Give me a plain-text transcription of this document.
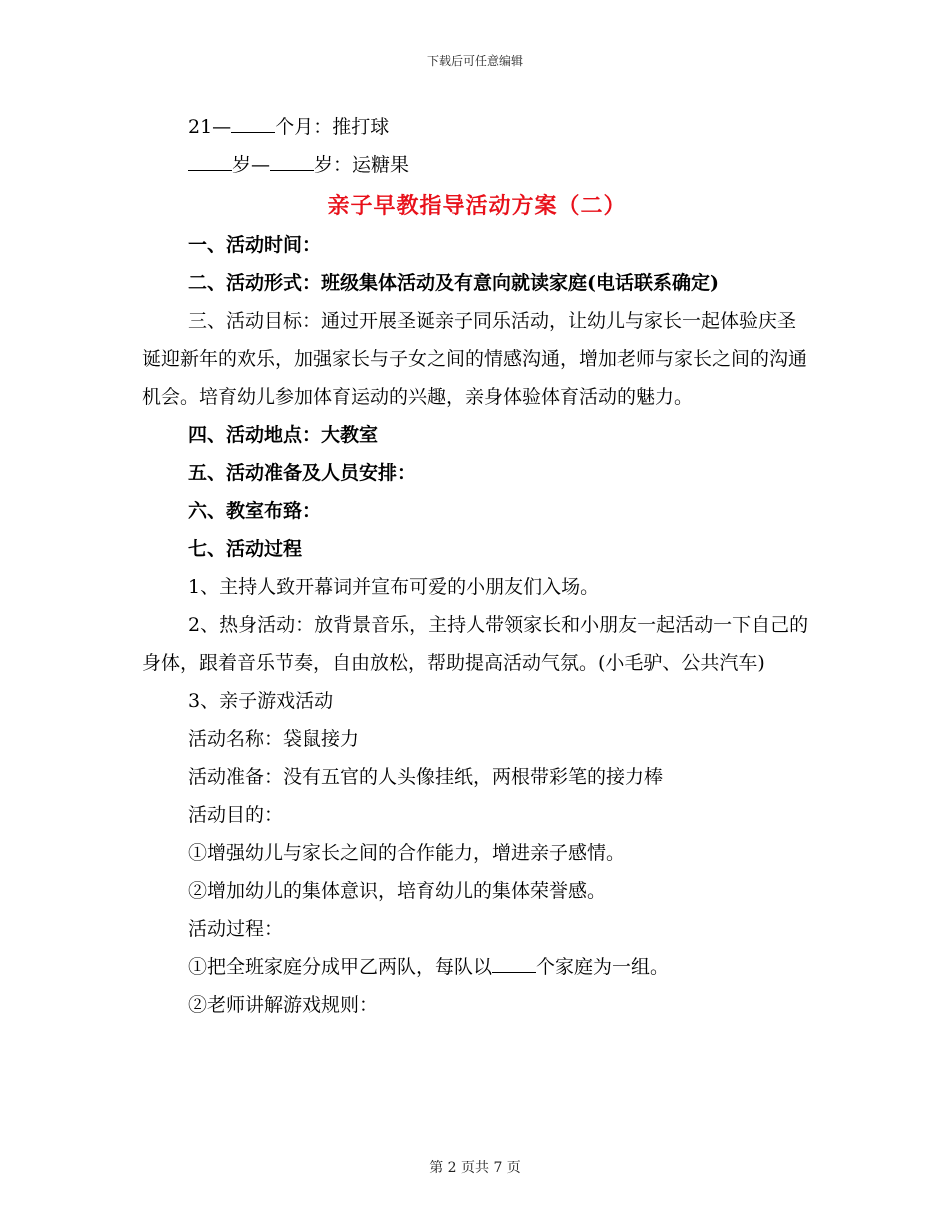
下载后可任意编辑

21— 个月：推打球

岁— 岁：运糖果

亲子早教指导活动方案（二）

一、活动时间：

二、活动形式：班级集体活动及有意向就读家庭(电话联系确定)

三、活动目标：通过开展圣诞亲子同乐活动，让幼儿与家长一起体验庆圣诞迎新年的欢乐，加强家长与子女之间的情感沟通，增加老师与家长之间的沟通机会。培育幼儿参加体育运动的兴趣，亲身体验体育活动的魅力。

四、活动地点：大教室

五、活动准备及人员安排：

六、教室布臵：

七、活动过程

1、主持人致开幕词并宣布可爱的小朋友们入场。

2、热身活动：放背景音乐，主持人带领家长和小朋友一起活动一下自己的身体，跟着音乐节奏，自由放松，帮助提高活动气氛。(小毛驴、公共汽车)

3、亲子游戏活动

活动名称：袋鼠接力

活动准备：没有五官的人头像挂纸，两根带彩笔的接力棒

活动目的：

①增强幼儿与家长之间的合作能力，增进亲子感情。

②增加幼儿的集体意识，培育幼儿的集体荣誉感。

活动过程：

①把全班家庭分成甲乙两队，每队以 个家庭为一组。

②老师讲解游戏规则：

第 2 页共 7 页
